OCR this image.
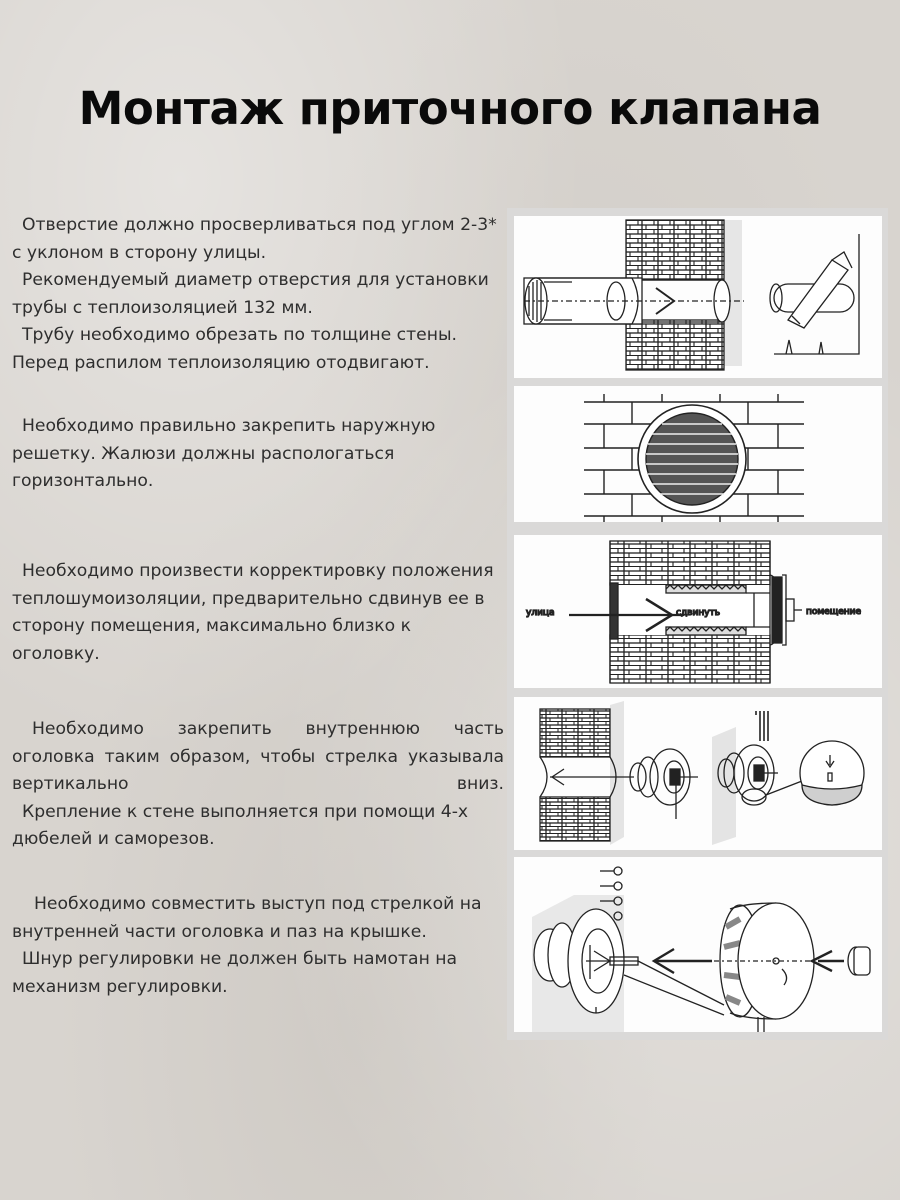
Монтаж приточного клапана

Отверстие должно просверливаться под углом 2-3* с уклоном в сторону улицы.

Рекомендуемый диаметр отверстия для установки трубы с теплоизоляцией 132 мм.

Трубу необходимо обрезать по толщине стены. Перед распилом теплоизоляцию отодвигают.

Необходимо правильно закрепить наружную решетку. Жалюзи должны распологаться горизонтально.

Необходимо произвести корректировку положения теплошумоизоляции, предварительно сдвинув ее в сторону помещения, максимально близко к оголовку.

Необходимо закрепить внутреннюю часть оголовка таким образом, чтобы стрелка указывала вертикально вниз.

Крепление к стене выполняется при помощи 4-х дюбелей и саморезов.

Необходимо совместить выступ под стрелкой на внутренней части оголовка и паз на крышке.

Шнур регулировки не должен быть намотан на механизм регулировки.

улица	сдвинуть	помещение
